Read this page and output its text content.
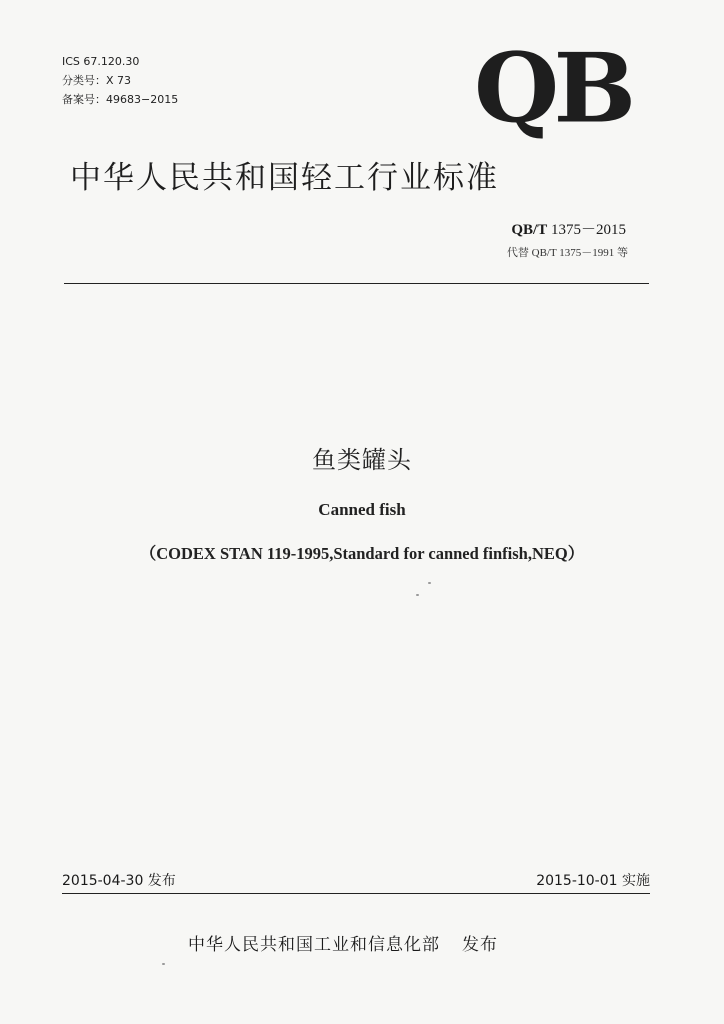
ICS 67.120.30
分类号：X 73
备案号：49683−2015	QB
中华人民共和国轻工行业标准
QB/T 1375－2015
代替 QB/T 1375－1991 等
鱼类罐头
Canned fish
（CODEX STAN 119-1995,Standard for canned finfish,NEQ）
2015-04-30 发布	2015-10-01 实施
中华人民共和国工业和信息化部 发布
